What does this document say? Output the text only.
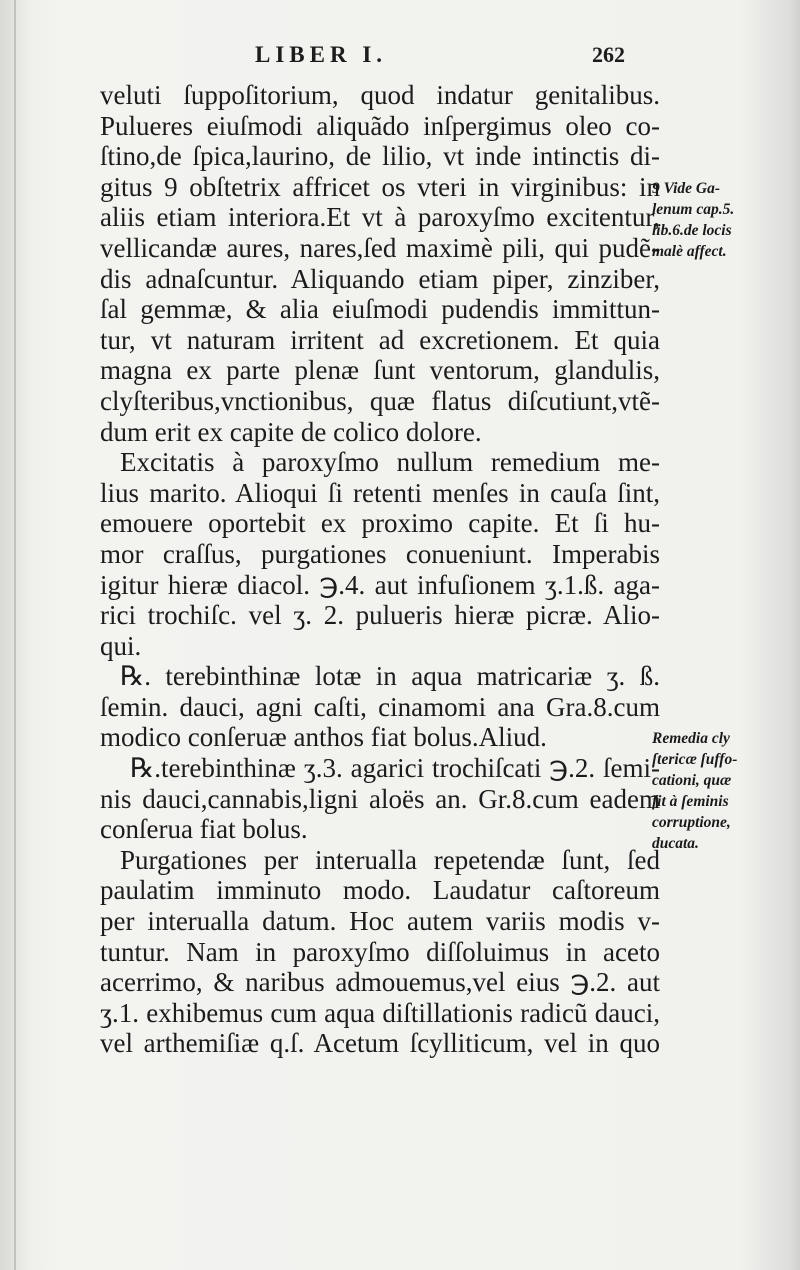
LIBER I.	262
veluti ſuppoſitorium, quod indatur genitalibus.
Pulueres eiuſmodi aliquãdo inſpergimus oleo co-
ſtino,de ſpica,laurino, de lilio, vt inde intinctis di-
gitus 9 obſtetrix affricet os vteri in virginibus: in
aliis etiam interiora.Et vt à paroxyſmo excitentur,
vellicandæ aures, nares,ſed maximè pili, qui pudẽ-
dis adnaſcuntur. Aliquando etiam piper, zinziber,
ſal gemmæ, & alia eiuſmodi pudendis immittun-
tur, vt naturam irritent ad excretionem. Et quia
magna ex parte plenæ ſunt ventorum, glandulis,
clyſteribus,vnctionibus, quæ flatus diſcutiunt,vtẽ-
dum erit ex capite de colico dolore.
Excitatis à paroxyſmo nullum remedium me-
lius marito. Alioqui ſi retenti menſes in cauſa ſint,
emouere oportebit ex proximo capite. Et ſi hu-
mor craſſus, purgationes conueniunt. Imperabis
igitur hieræ diacol. ℈.4. aut infuſionem ʒ.1.ß. aga-
rici trochiſc. vel ʒ. 2. pulueris hieræ picræ. Alio-
qui.
℞. terebinthinæ lotæ in aqua matricariæ ʒ. ß.
ſemin. dauci, agni caſti, cinamomi ana Gra.8.cum
modico conſeruæ anthos fiat bolus.Aliud.
℞.terebinthinæ ʒ.3. agarici trochiſcati ℈.2. ſemi-
nis dauci,cannabis,ligni aloës an. Gr.8.cum eadem
conſerua fiat bolus.
Purgationes per interualla repetendæ ſunt, ſed
paulatim imminuto modo. Laudatur caſtoreum
per interualla datum. Hoc autem variis modis v-
tuntur. Nam in paroxyſmo diſſoluimus in aceto
acerrimo, & naribus admouemus,vel eius ℈.2. aut
ʒ.1. exhibemus cum aqua diſtillationis radicũ dauci,
vel arthemiſiæ q.ſ. Acetum ſcylliticum, vel in quo
9 Vide Ga-
lenum cap.5.
lib.6.de locis
malè affect.
Remedia cly
ſtericæ ſuffo-
cationi, quæ
fit à ſeminis
corruptione,
ducata.
